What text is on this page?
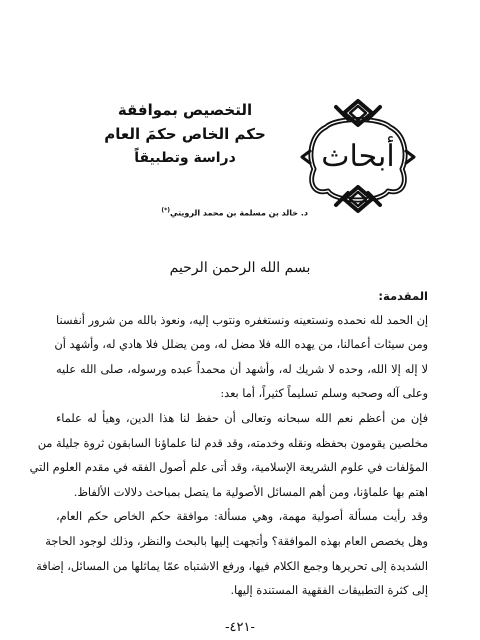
التخصيص بموافقة
حكم الخاص حكمَ العام
دراسة وتطبيقاً	أبحاث
د. خالد بن مسلمة بن محمد الرويتي(*)
بسم الله الرحمن الرحيم
المقدمة:

إن الحمد لله نحمده ونستعينه ونستغفره ونتوب إليه، ونعوذ بالله من شرور أنفسنا
ومن سيئات أعمالنا، من يهده الله فلا مضل له، ومن يضلل فلا هادي له، وأشهد أن
لا إله إلا الله، وحده لا شريك له، وأشهد أن محمداً عبده ورسوله، صلى الله عليه
وعلى آله وصحبه وسلم تسليماً كثيراً، أما بعد:

فإن من أعظم نعم الله سبحانه وتعالى أن حفظ لنا هذا الدين، وهيأ له علماء
مخلصين يقومون بحفظه ونقله وخدمته، وقد قدم لنا علماؤنا السابقون ثروة جليلة من
المؤلفات في علوم الشريعة الإسلامية، وقد أتى علم أصول الفقه في مقدم العلوم التي
اهتم بها علماؤنا، ومن أهم المسائل الأصولية ما يتصل بمباحث دلالات الألفاظ.

وقد رأيت مسألة أصولية مهمة، وهي مسألة: موافقة حكم الخاص حكم العام،
وهل يخصص العام بهذه الموافقة؟ وأتجهت إليها بالبحث والنظر، وذلك لوجود الحاجة
الشديدة إلى تحريرها وجمع الكلام فيها، ورفع الاشتباه عمّا يماثلها من المسائل، إضافة
إلى كثرة التطبيقات الفقهية المستندة إليها.

-٤٢١-
